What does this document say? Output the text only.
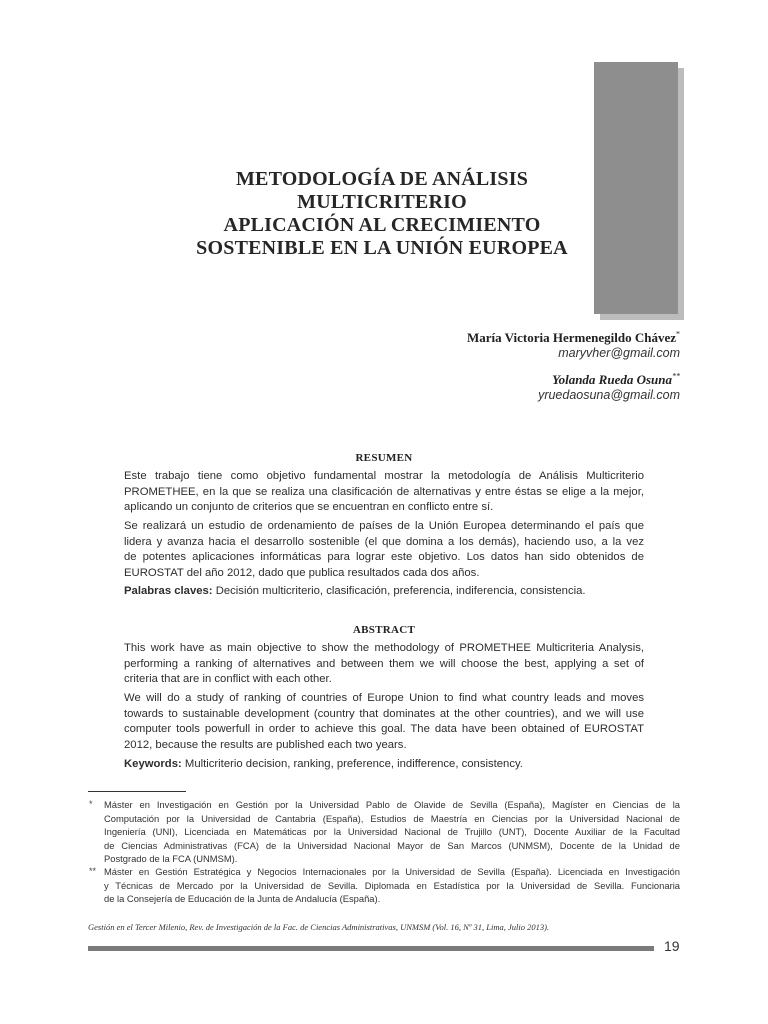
METODOLOGÍA DE ANÁLISIS
MULTICRITERIO
APLICACIÓN AL CRECIMIENTO
SOSTENIBLE EN LA UNIÓN EUROPEA
María Victoria Hermenegildo Chávez*
maryvher@gmail.com
Yolanda Rueda Osuna**
yruedaosuna@gmail.com
RESUMEN
Este trabajo tiene como objetivo fundamental mostrar la metodología de Análisis Multicriterio
PROMETHEE, en la que se realiza una clasificación de alternativas y entre éstas se elige a la mejor,
aplicando un conjunto de criterios que se encuentran en conflicto entre sí.
Se realizará un estudio de ordenamiento de países de la Unión Europea determinando el país que
lidera y avanza hacia el desarrollo sostenible (el que domina a los demás), haciendo uso, a la vez
de potentes aplicaciones informáticas para lograr este objetivo. Los datos han sido obtenidos de
EUROSTAT del año 2012, dado que publica resultados cada dos años.
Palabras claves: Decisión multicriterio, clasificación, preferencia, indiferencia, consistencia.
ABSTRACT
This work have as main objective to show the methodology of PROMETHEE Multicriteria Analysis,
performing a ranking of alternatives and between them we will choose the best, applying a set of
criteria that are in conflict with each other.
We will do a study of ranking of countries of Europe Union to find what country leads and moves
towards to sustainable development (country that dominates at the other countries), and we will use
computer tools powerfull in order to achieve this goal. The data have been obtained of EUROSTAT
2012, because the results are published each two years.
Keywords: Multicriterio decision, ranking, preference, indifference, consistency.
* Máster en Investigación en Gestión por la Universidad Pablo de Olavide de Sevilla (España), Magíster en Ciencias de la
Computación por la Universidad de Cantabria (España), Estudios de Maestría en Ciencias por la Universidad Nacional de
Ingeniería (UNI), Licenciada en Matemáticas por la Universidad Nacional de Trujillo (UNT), Docente Auxiliar de la Facultad
de Ciencias Administrativas (FCA) de la Universidad Nacional Mayor de San Marcos (UNMSM), Docente de la Unidad de
Postgrado de la FCA (UNMSM).
** Máster en Gestión Estratégica y Negocios Internacionales por la Universidad de Sevilla (España). Licenciada en Investigación
y Técnicas de Mercado por la Universidad de Sevilla. Diplomada en Estadística por la Universidad de Sevilla. Funcionaria
de la Consejería de Educación de la Junta de Andalucía (España).
Gestión en el Tercer Milenio, Rev. de Investigación de la Fac. de Ciencias Administrativas, UNMSM (Vol. 16, Nº 31, Lima, Julio 2013).
19
